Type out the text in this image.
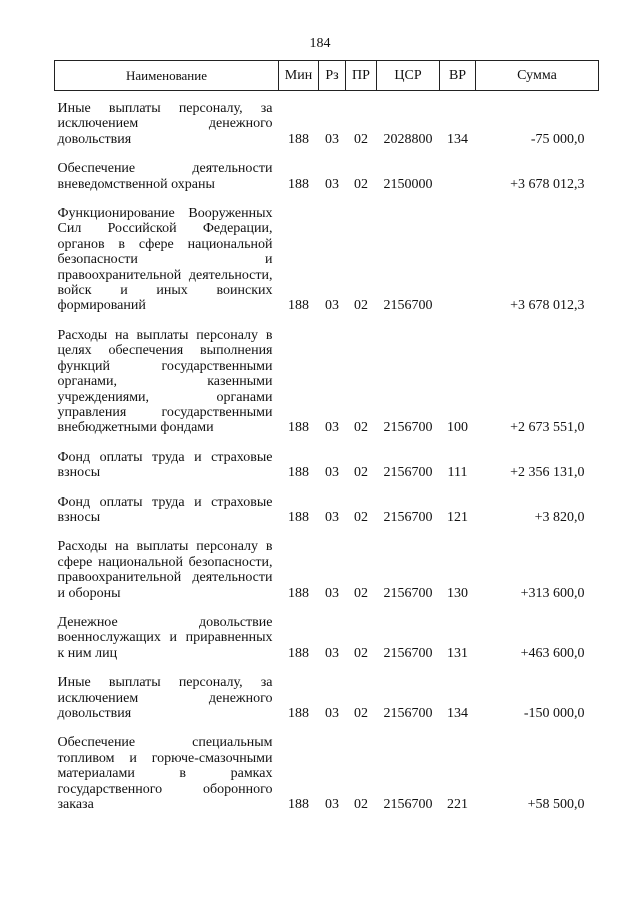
184
Наименование	Мин	Рз	ПР	ЦСР	ВР	Сумма

Иные выплаты персоналу, за исключением денежного довольствия	188	03	02	2028800	134	-75 000,0

Обеспечение деятельности вневедомственной охраны	188	03	02	2150000		+3 678 012,3

Функционирование Вооруженных Сил Российской Федерации, органов в сфере национальной безопасности и правоохранительной деятельности, войск и иных воинских формирований	188	03	02	2156700		+3 678 012,3

Расходы на выплаты персоналу в целях обеспечения выполнения функций государственными органами, казенными учреждениями, органами управления государственными внебюджетными фондами	188	03	02	2156700	100	+2 673 551,0

Фонд оплаты труда и страховые взносы	188	03	02	2156700	111	+2 356 131,0

Фонд оплаты труда и страховые взносы	188	03	02	2156700	121	+3 820,0

Расходы на выплаты персоналу в сфере национальной безопасности, правоохранительной деятельности и обороны	188	03	02	2156700	130	+313 600,0

Денежное довольствие военнослужащих и приравненных к ним лиц	188	03	02	2156700	131	+463 600,0

Иные выплаты персоналу, за исключением денежного довольствия	188	03	02	2156700	134	-150 000,0

Обеспечение специальным топливом и горюче-смазочными материалами в рамках государственного оборонного заказа	188	03	02	2156700	221	+58 500,0
